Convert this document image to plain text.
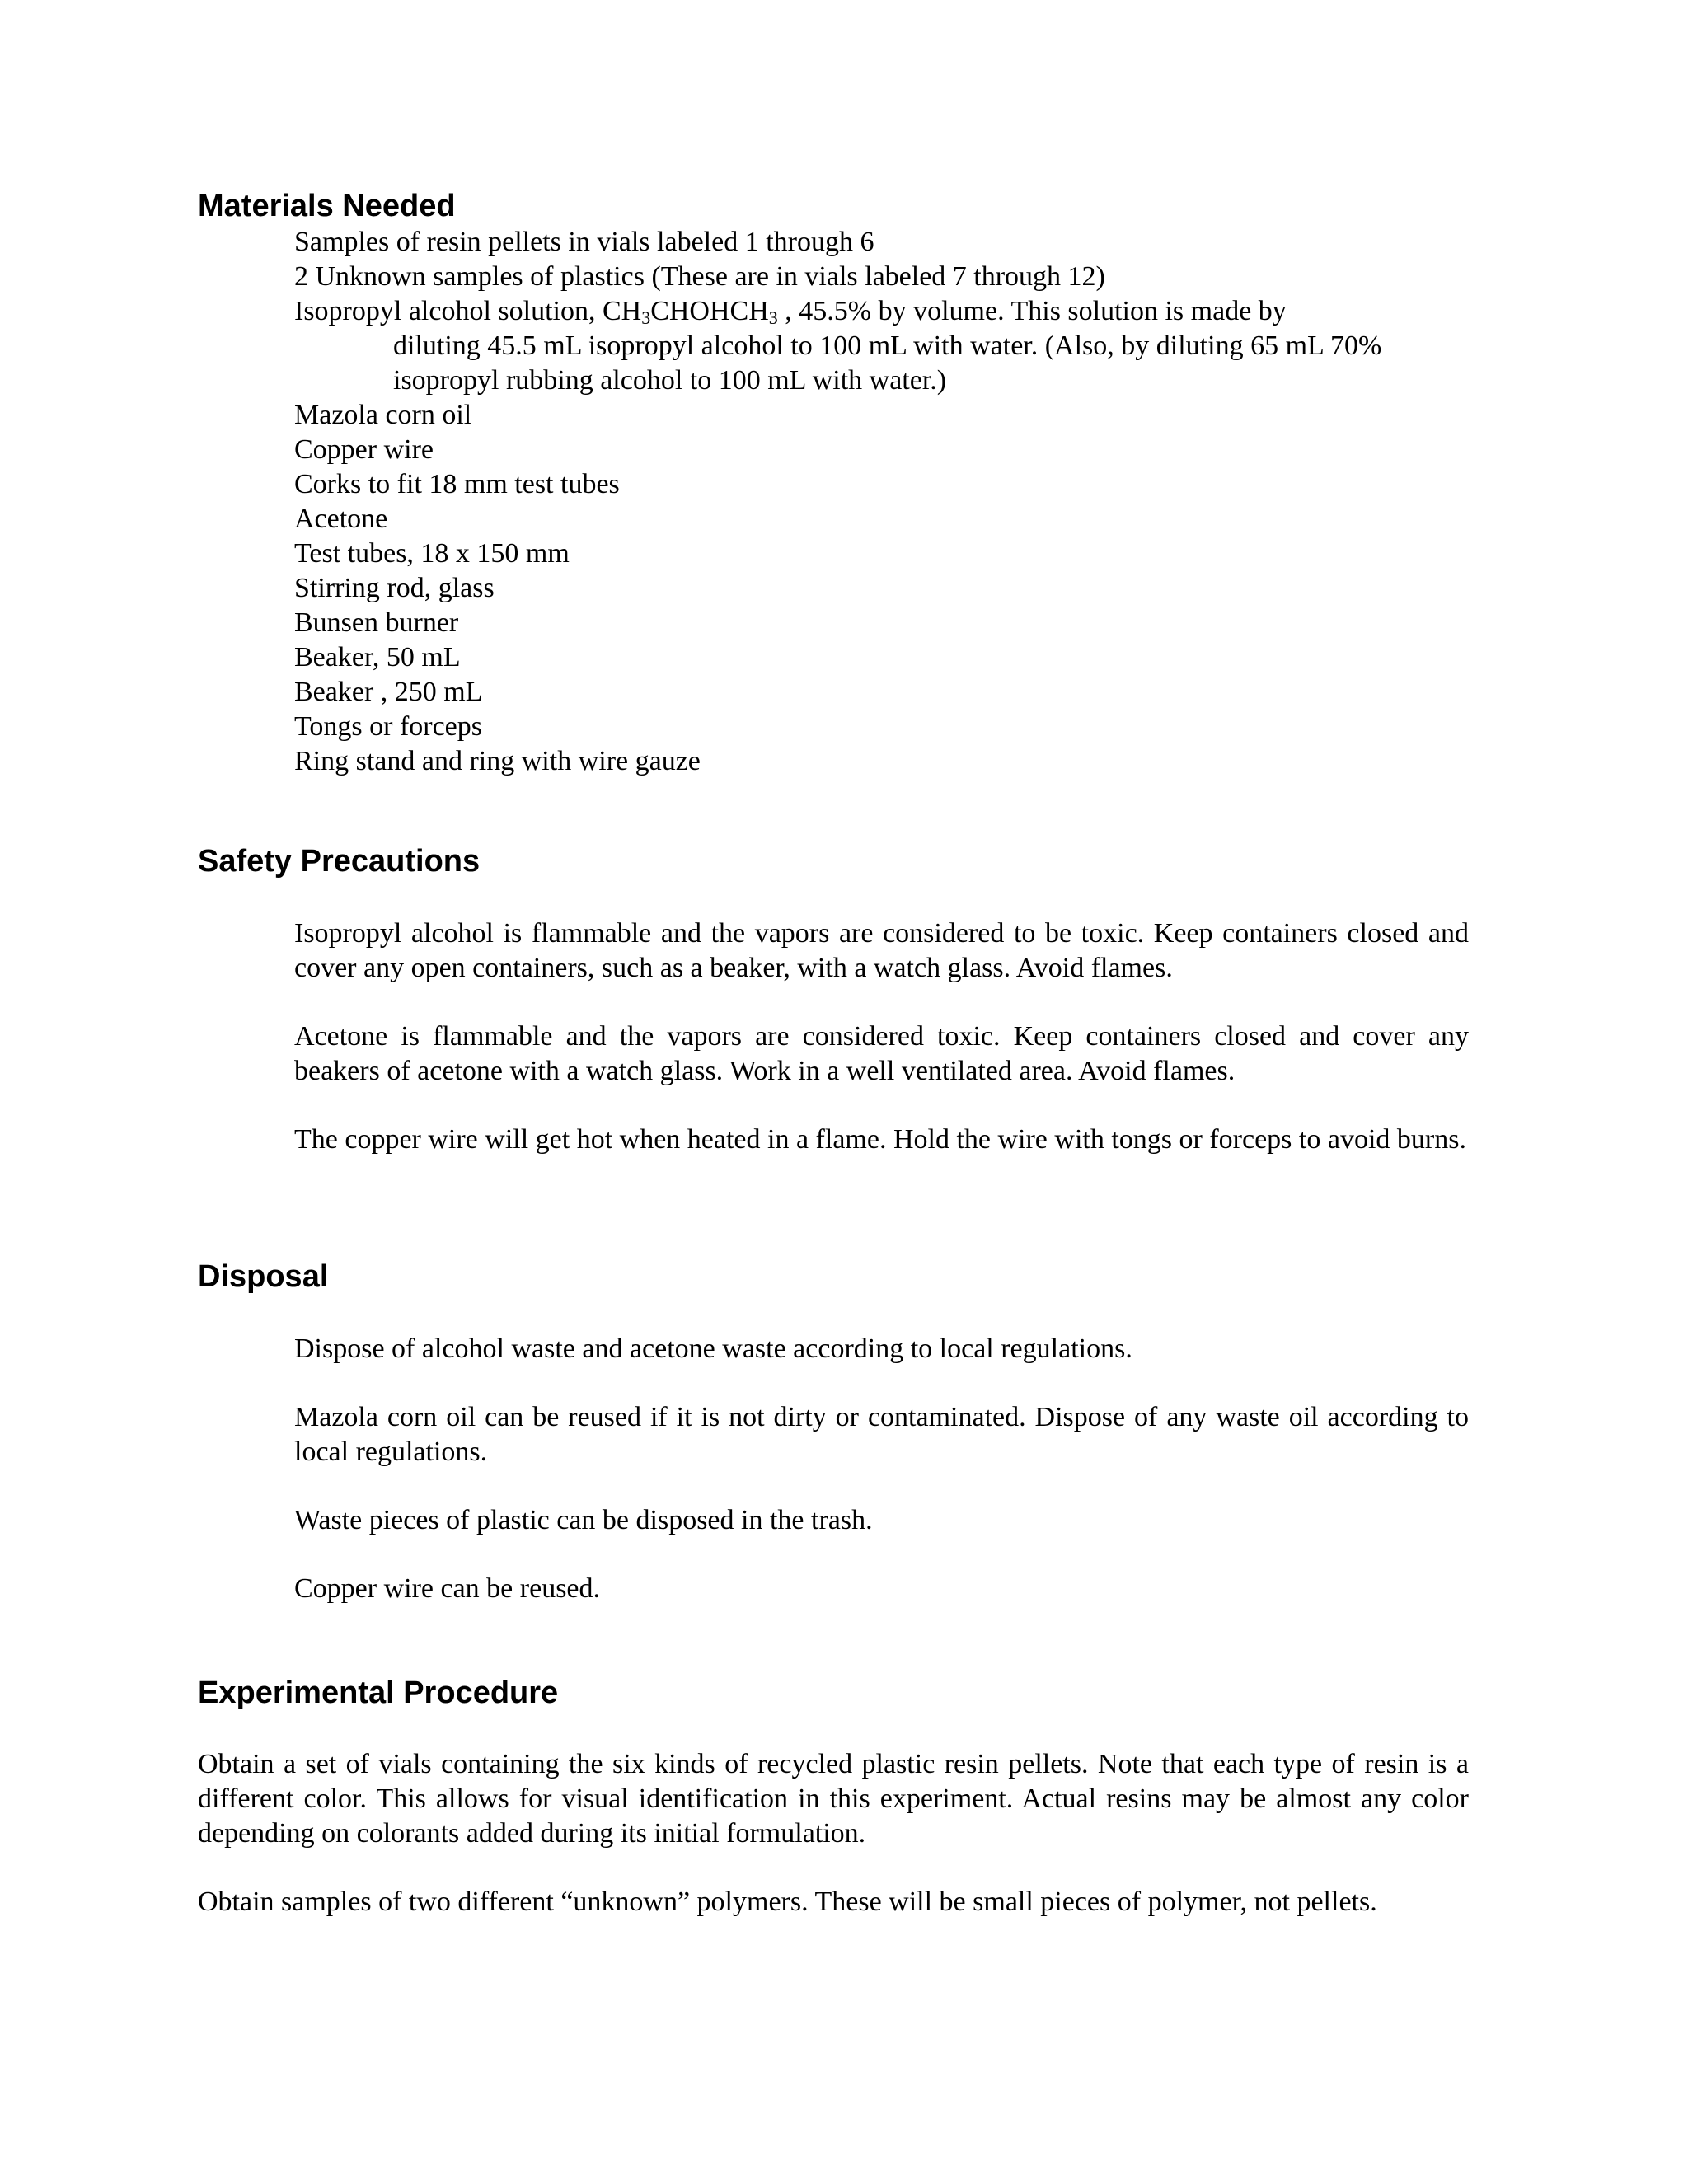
Materials Needed
Samples of resin pellets in vials labeled 1 through 6
2 Unknown samples of plastics (These are in vials labeled 7 through 12)
Isopropyl alcohol solution, $CH_3CHOHCH_3$ , 45.5% by volume. This solution is made by
diluting 45.5 mL isopropyl alcohol to 100 mL with water. (Also, by diluting 65 mL 70%
isopropyl rubbing alcohol to 100 mL with water.)
Mazola corn oil
Copper wire
Corks to fit 18 mm test tubes
Acetone
Test tubes, 18 x 150 mm
Stirring rod, glass
Bunsen burner
Beaker, 50 mL
Beaker , 250 mL
Tongs or forceps
Ring stand and ring with wire gauze
Safety Precautions

Isopropyl alcohol is flammable and the vapors are considered to be toxic. Keep containers closed and cover any open containers, such as a beaker, with a watch glass. Avoid flames.

Acetone is flammable and the vapors are considered toxic. Keep containers closed and cover any beakers of acetone with a watch glass. Work in a well ventilated area. Avoid flames.

The copper wire will get hot when heated in a flame. Hold the wire with tongs or forceps to avoid burns.

Disposal

Dispose of alcohol waste and acetone waste according to local regulations.

Mazola corn oil can be reused if it is not dirty or contaminated. Dispose of any waste oil according to local regulations.

Waste pieces of plastic can be disposed in the trash.

Copper wire can be reused.

Experimental Procedure

Obtain a set of vials containing the six kinds of recycled plastic resin pellets. Note that each type of resin is a different color. This allows for visual identification in this experiment. Actual resins may be almost any color depending on colorants added during its initial formulation.

Obtain samples of two different “unknown” polymers. These will be small pieces of polymer, not pellets.
